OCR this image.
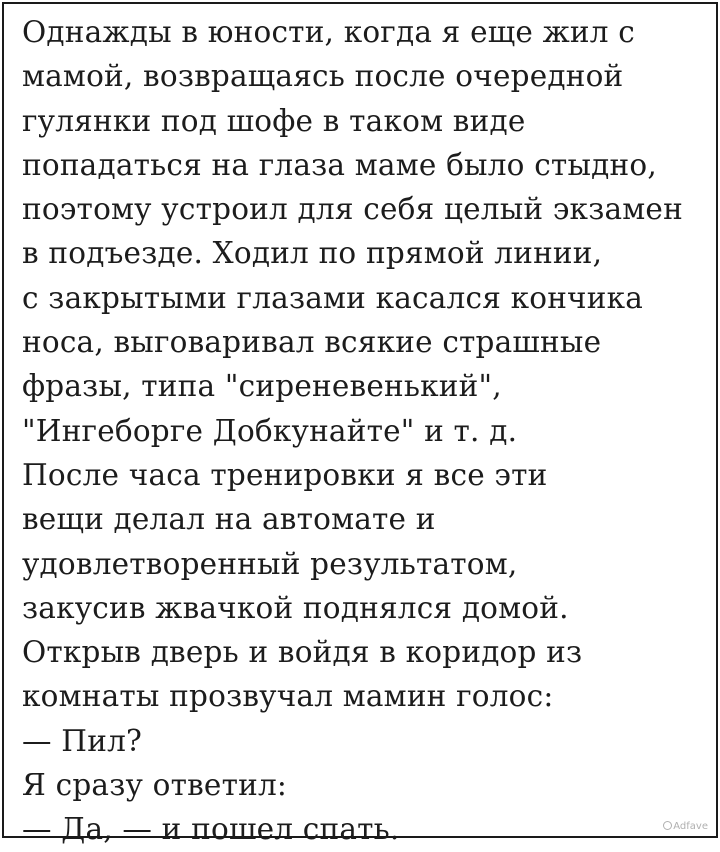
Однажды в юности, когда я еще жил с
мамой, возвращаясь после очередной
гулянки под шофе в таком виде
попадаться на глаза маме было стыдно,
поэтому устроил для себя целый экзамен
в подъезде. Ходил по прямой линии,
с закрытыми глазами касался кончика
носа, выговаривал всякие страшные
фразы, типа "сиреневенький",
"Ингеборге Добкунайте" и т. д.
После часа тренировки я все эти
вещи делал на автомате и
удовлетворенный результатом,
закусив жвачкой поднялся домой.
Открыв дверь и войдя в коридор из
комнаты прозвучал мамин голос:
— Пил?
Я сразу ответил:
— Да, — и пошел спать.	Adfave
